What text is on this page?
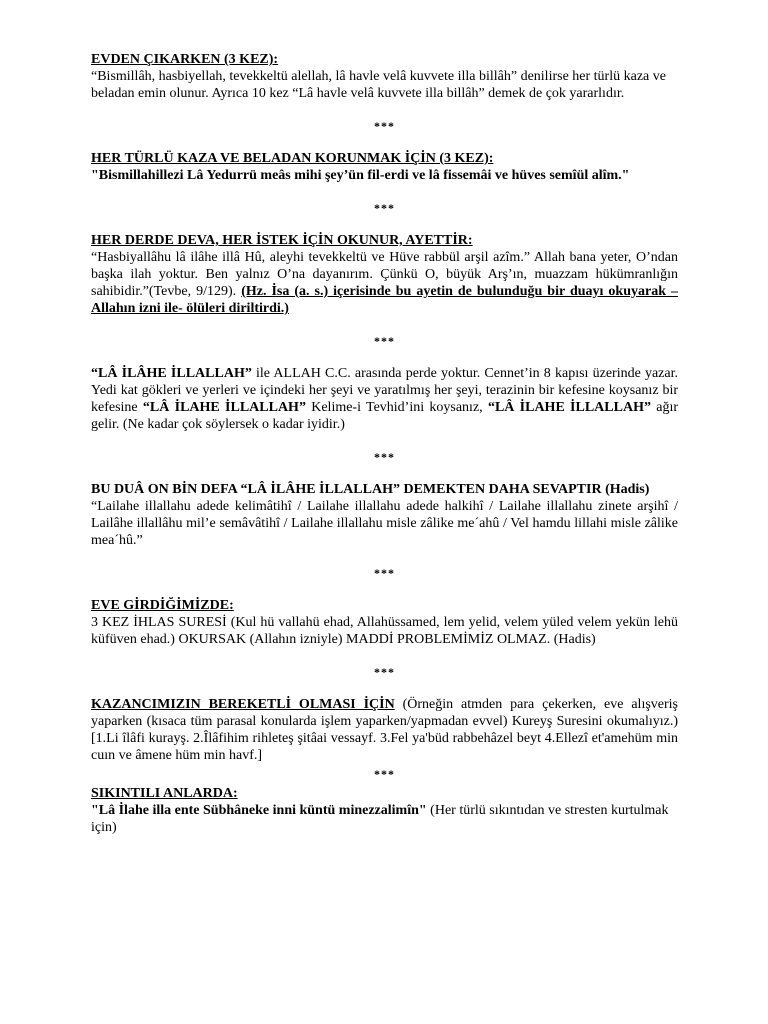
EVDEN ÇIKARKEN (3 KEZ):

“Bismillâh, hasbiyellah, tevekkeltü alellah, lâ havle velâ kuvvete illa billâh” denilirse her türlü kaza ve beladan emin olunur. Ayrıca 10 kez “Lâ havle velâ kuvvete illa billâh” demek de çok yararlıdır.

***

HER TÜRLÜ KAZA VE BELADAN KORUNMAK İÇİN (3 KEZ):

"Bismillahillezi Lâ Yedurrü meâs mihi şey’ün fil-erdi ve lâ fissemâi ve hüves semîül alîm."

***

HER DERDE DEVA, HER İSTEK İÇİN OKUNUR, AYETTİR:

“Hasbiyallâhu lâ ilâhe illâ Hû, aleyhi tevekkeltü ve Hüve rabbül arşil azîm.” Allah bana yeter, O’ndan başka ilah yoktur. Ben yalnız O’na dayanırım. Çünkü O, büyük Arş’ın, muazzam hükümranlığın sahibidir.”(Tevbe, 9/129). (Hz. İsa (a. s.) içerisinde bu ayetin de bulunduğu bir duayı okuyarak –Allahın izni ile- ölüleri diriltirdi.)

***

“LÂ İLÂHE İLLALLAH” ile ALLAH C.C. arasında perde yoktur. Cennet’in 8 kapısı üzerinde yazar. Yedi kat gökleri ve yerleri ve içindeki her şeyi ve yaratılmış her şeyi, terazinin bir kefesine koysanız bir kefesine “LÂ İLAHE İLLALLAH” Kelime-i Tevhid’ini koysanız, “LÂ İLAHE İLLALLAH” ağır gelir. (Ne kadar çok söylersek o kadar iyidir.)

***

BU DUÂ ON BİN DEFA “LÂ İLÂHE İLLALLAH” DEMEKTEN DAHA SEVAPTIR (Hadis)

“Lailahe illallahu adede kelimâtihî / Lailahe illallahu adede halkihî / Lailahe illallahu zinete arşihî / Lailâhe illallâhu mil’e semâvâtihî / Lailahe illallahu misle zâlike me´ahû / Vel hamdu lillahi misle zâlike mea´hû.”

***

EVE GİRDİĞİMİZDE:

3 KEZ İHLAS SURESİ (Kul hü vallahü ehad, Allahüssamed, lem yelid, velem yüled velem yekün lehü küfüven ehad.) OKURSAK (Allahın izniyle) MADDİ PROBLEMİMİZ OLMAZ. (Hadis)

***

KAZANCIMIZIN BEREKETLİ OLMASI İÇİN (Örneğin atmden para çekerken, eve alışveriş yaparken (kısaca tüm parasal konularda işlem yaparken/yapmadan evvel) Kureyş Suresini okumalıyız.) [1.Li îlâfi kurayş. 2.Îlâfihim rihleteş şitâai vessayf. 3.Fel ya'büd rabbehâzel beyt 4.Ellezî et'amehüm min cuın ve âmene hüm min havf.]

***

SIKINTILI ANLARDA:

"Lâ İlahe illa ente Sübhâneke inni küntü minezzalimîn" (Her türlü sıkıntıdan ve stresten kurtulmak için)
